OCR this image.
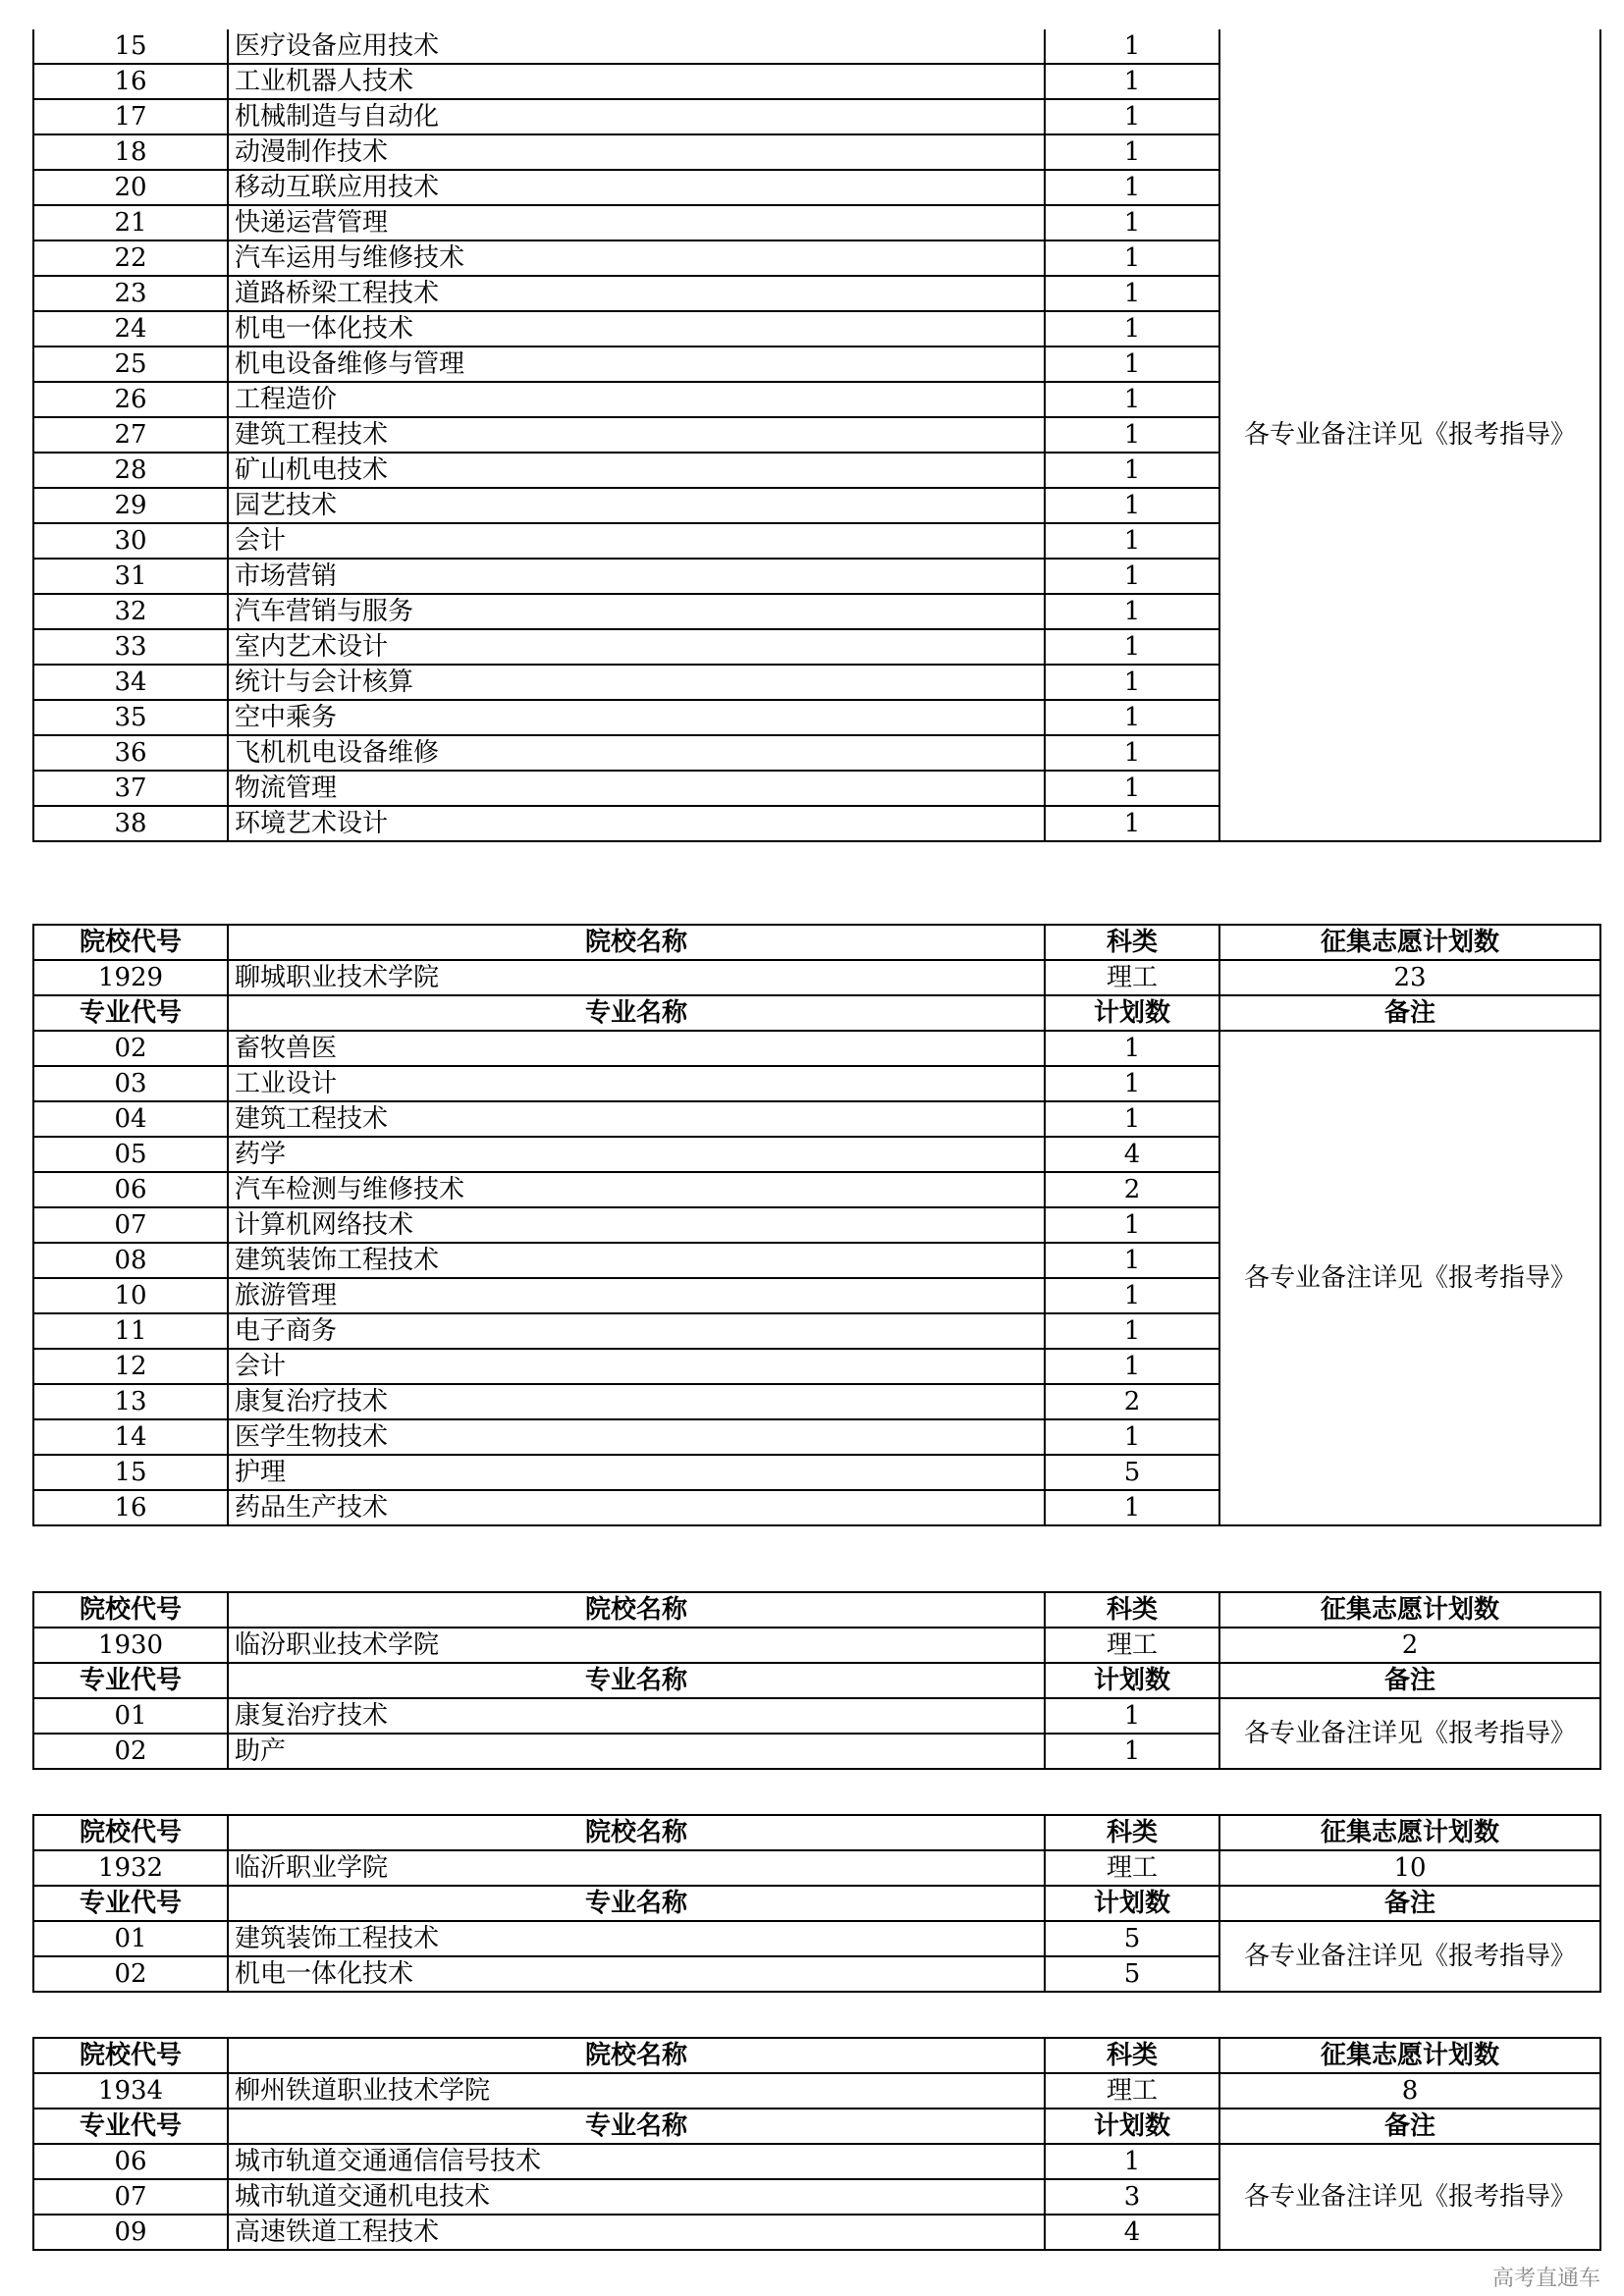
15	医疗设备应用技术	1	各专业备注详见《报考指导》
16	工业机器人技术	1	
17	机械制造与自动化	1	
18	动漫制作技术	1	
20	移动互联应用技术	1	
21	快递运营管理	1	
22	汽车运用与维修技术	1	
23	道路桥梁工程技术	1	
24	机电一体化技术	1	
25	机电设备维修与管理	1	
26	工程造价	1	
27	建筑工程技术	1	
28	矿山机电技术	1	
29	园艺技术	1	
30	会计	1	
31	市场营销	1	
32	汽车营销与服务	1	
33	室内艺术设计	1	
34	统计与会计核算	1	
35	空中乘务	1	
36	飞机机电设备维修	1	
37	物流管理	1	
38	环境艺术设计	1	
院校代号	院校名称	科类	征集志愿计划数
1929	聊城职业技术学院	理工	23
专业代号	专业名称	计划数	备注
02	畜牧兽医	1	各专业备注详见《报考指导》
03	工业设计	1	
04	建筑工程技术	1	
05	药学	4	
06	汽车检测与维修技术	2	
07	计算机网络技术	1	
08	建筑装饰工程技术	1	
10	旅游管理	1	
11	电子商务	1	
12	会计	1	
13	康复治疗技术	2	
14	医学生物技术	1	
15	护理	5	
16	药品生产技术	1	
院校代号	院校名称	科类	征集志愿计划数
1930	临汾职业技术学院	理工	2
专业代号	专业名称	计划数	备注
01	康复治疗技术	1	各专业备注详见《报考指导》
02	助产	1	
院校代号	院校名称	科类	征集志愿计划数
1932	临沂职业学院	理工	10
专业代号	专业名称	计划数	备注
01	建筑装饰工程技术	5	各专业备注详见《报考指导》
02	机电一体化技术	5	
院校代号	院校名称	科类	征集志愿计划数
1934	柳州铁道职业技术学院	理工	8
专业代号	专业名称	计划数	备注
06	城市轨道交通通信信号技术	1	各专业备注详见《报考指导》
07	城市轨道交通机电技术	3	
09	高速铁道工程技术	4	
高考直通车
